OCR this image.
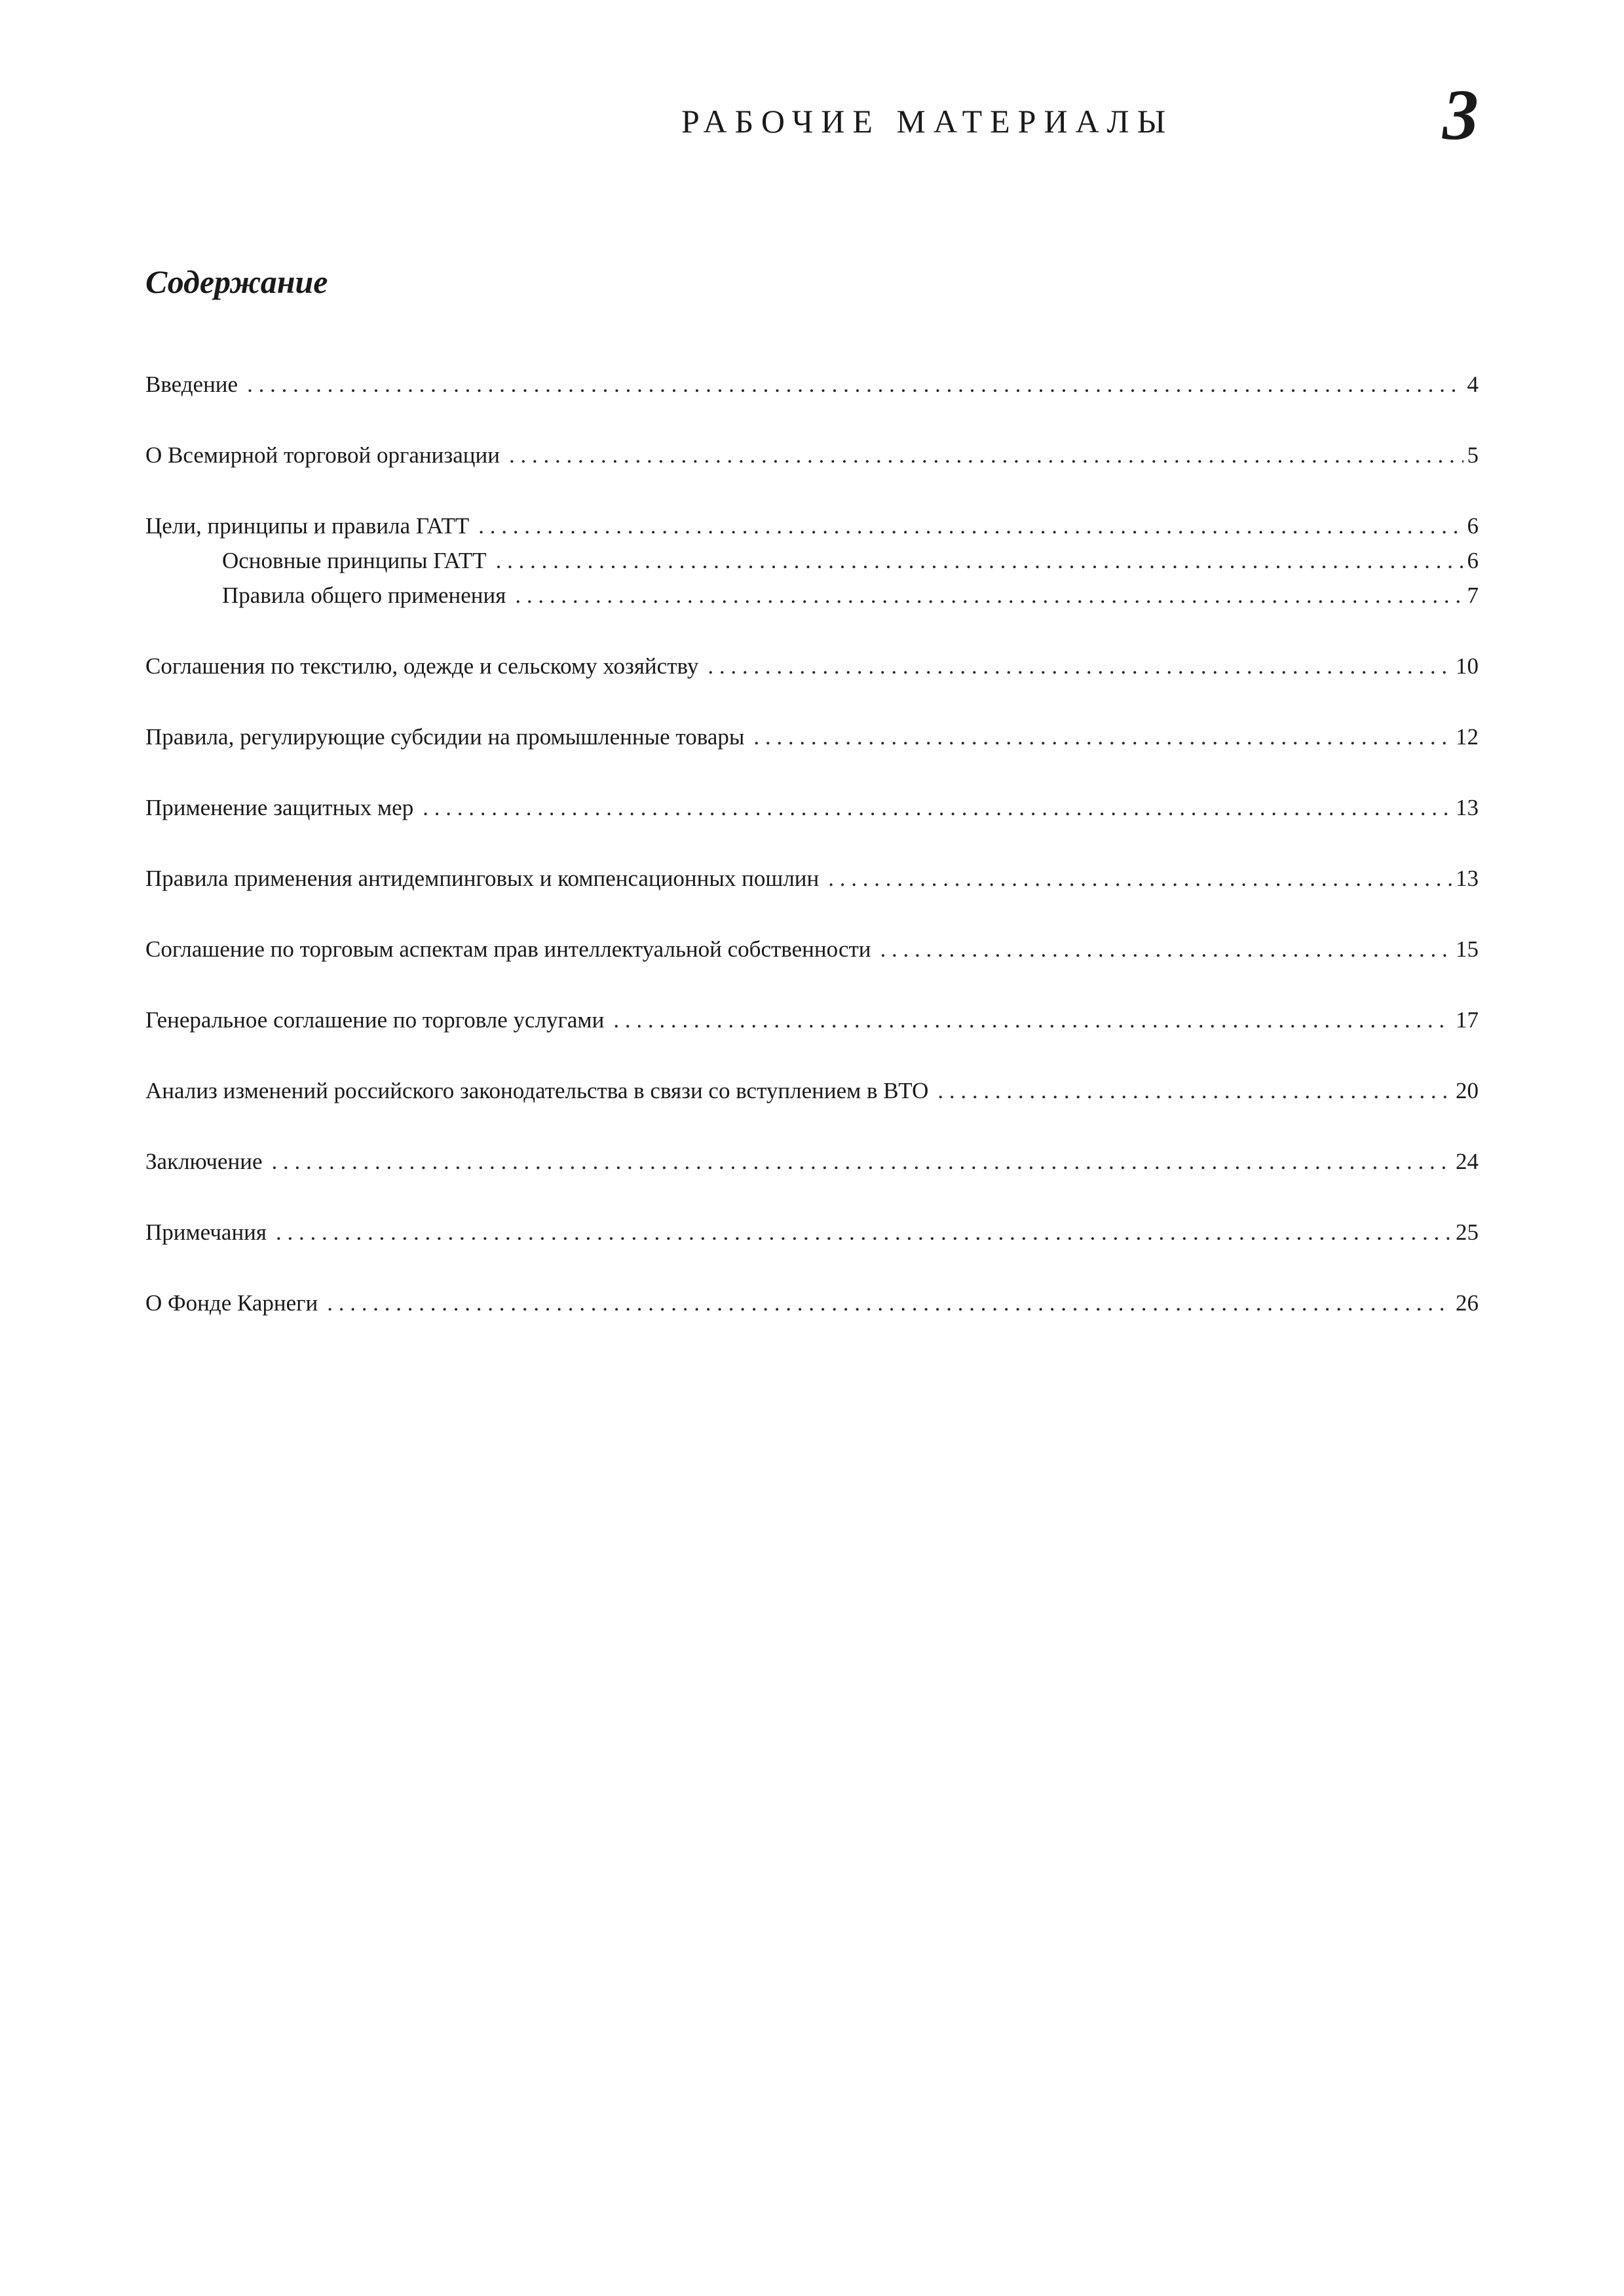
РАБОЧИЕ МАТЕРИАЛЫ	3
Содержание
Введение . . .	4
О Всемирной торговой организации . . .	5
Цели, принципы и правила ГАТТ . . .	6
Основные принципы ГАТТ . . .	6
Правила общего применения . . .	7
Соглашения по текстилю, одежде и сельскому хозяйству . . .	10
Правила, регулирующие субсидии на промышленные товары . . .	12
Применение защитных мер . . .	13
Правила применения антидемпинговых и компенсационных пошлин . . .	13
Соглашение по торговым аспектам прав интеллектуальной собственности . . .	15
Генеральное соглашение по торговле услугами . . .	17
Анализ изменений российского законодательства в связи со вступлением в ВТО . . .	20
Заключение . . .	24
Примечания . . .	25
О Фонде Карнеги . . .	26
